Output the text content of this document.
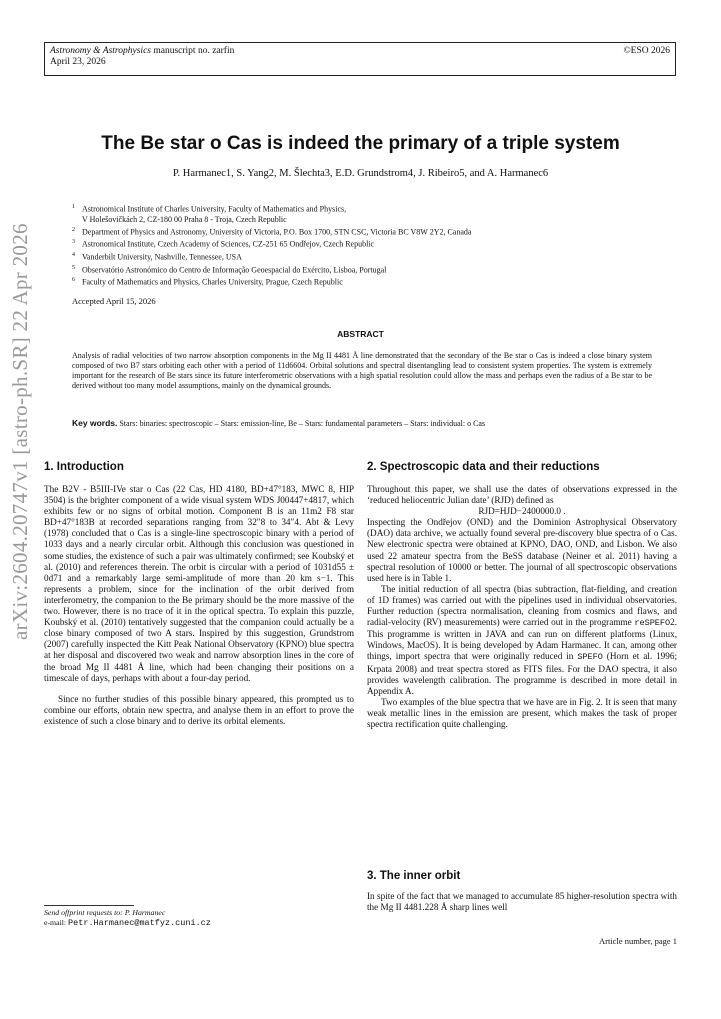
Astronomy & Astrophysics manuscript no. zarfin
April 23, 2026
©ESO 2026
The Be star o Cas is indeed the primary of a triple system
P. Harmanec1, S. Yang2, M. Šlechta3, E.D. Grundstrom4, J. Ribeiro5, and A. Harmanec6
$^1$ Astronomical Institute of Charles University, Faculty of Mathematics and Physics,
V Holešovičkách 2, CZ-180 00 Praha 8 - Troja, Czech Republic
$^2$ Department of Physics and Astronomy, University of Victoria, P.O. Box 1700, STN CSC, Victoria BC V8W 2Y2, Canada
$^3$ Astronomical Institute, Czech Academy of Sciences, CZ-251 65 Ondřejov, Czech Republic
$^4$ Vanderbilt University, Nashville, Tennessee, USA
$^5$ Observatório Astronómico do Centro de Informação Geoespacial do Exército, Lisboa, Portugal
$^6$ Faculty of Mathematics and Physics, Charles University, Prague, Czech Republic
Accepted April 15, 2026
ABSTRACT
Analysis of radial velocities of two narrow absorption components in the Mg II 4481 Å line demonstrated that the secondary of the Be star o Cas is indeed a close binary system composed of two B7 stars orbiting each other with a period of 11d6604. Orbital solutions and spectral disentangling lead to consistent system properties. The system is extremely important for the research of Be stars since its future interferometric observations with a high spatial resolution could allow the mass and perhaps even the radius of a Be star to be derived without too many model assumptions, mainly on the dynamical grounds.
Key words. Stars: binaries: spectroscopic – Stars: emission-line, Be – Stars: fundamental parameters – Stars: individual: o Cas
arXiv:2604.20747v1 [astro-ph.SR] 22 Apr 2026 1. Introduction

The B2V - B5III-IVe star o Cas (22 Cas, HD 4180, BD+47°183, MWC 8, HIP 3504) is the brighter component of a wide visual system WDS J00447+4817, which exhibits few or no signs of orbital motion. Component B is an 11m2 F8 star BD+47°183B at recorded separations ranging from 32″8 to 34″4. Abt & Levy (1978) concluded that o Cas is a single-line spectroscopic binary with a period of 1033 days and a nearly circular orbit. Although this conclusion was questioned in some studies, the existence of such a pair was ultimately confirmed; see Koubský et al. (2010) and references therein. The orbit is circular with a period of 1031d55 ± 0d71 and a remarkably large semi-amplitude of more than 20 km s−1. This represents a problem, since for the inclination of the orbit derived from interferometry, the companion to the Be primary should be the more massive of the two. However, there is no trace of it in the optical spectra. To explain this puzzle, Koubský et al. (2010) tentatively suggested that the companion could actually be a close binary composed of two A stars. Inspired by this suggestion, Grundstrom (2007) carefully inspected the Kitt Peak National Observatory (KPNO) blue spectra at her disposal and discovered two weak and narrow absorption lines in the core of the broad Mg II 4481 Å line, which had been changing their positions on a timescale of days, perhaps with about a four-day period.

Since no further studies of this possible binary appeared, this prompted us to combine our efforts, obtain new spectra, and analyse them in an effort to prove the existence of such a close binary and to derive its orbital elements.

2. Spectroscopic data and their reductions

Throughout this paper, we shall use the dates of observations expressed in the ‘reduced heliocentric Julian date’ (RJD) defined as

RJD=HJD−2400000.0 .

Inspecting the Ondřejov (OND) and the Dominion Astrophysical Observatory (DAO) data archive, we actually found several pre-discovery blue spectra of o Cas. New electronic spectra were obtained at KPNO, DAO, OND, and Lisbon. We also used 22 amateur spectra from the BeSS database (Neiner et al. 2011) having a spectral resolution of 10000 or better. The journal of all spectroscopic observations used here is in Table 1.

The initial reduction of all spectra (bias subtraction, flat-fielding, and creation of 1D frames) was carried out with the pipelines used in individual observatories. Further reduction (spectra normalisation, cleaning from cosmics and flaws, and radial-velocity (RV) measurements) were carried out in the programme reSPEFO2. This programme is written in JAVA and can run on different platforms (Linux, Windows, MacOS). It is being developed by Adam Harmanec. It can, among other things, import spectra that were originally reduced in SPEFO (Horn et al. 1996; Krpata 2008) and treat spectra stored as FITS files. For the DAO spectra, it also provides wavelength calibration. The programme is described in more detail in Appendix A.

Two examples of the blue spectra that we have are in Fig. 2. It is seen that many weak metallic lines in the emission are present, which makes the task of proper spectra rectification quite challenging.

3. The inner orbit
In spite of the fact that we managed to accumulate 85 higher-resolution spectra with the Mg II 4481.228 Å sharp lines well
Send offprint requests to: P. Harmanec
e-mail: Petr.Harmanec@matfyz.cuni.cz
Article number, page 1
